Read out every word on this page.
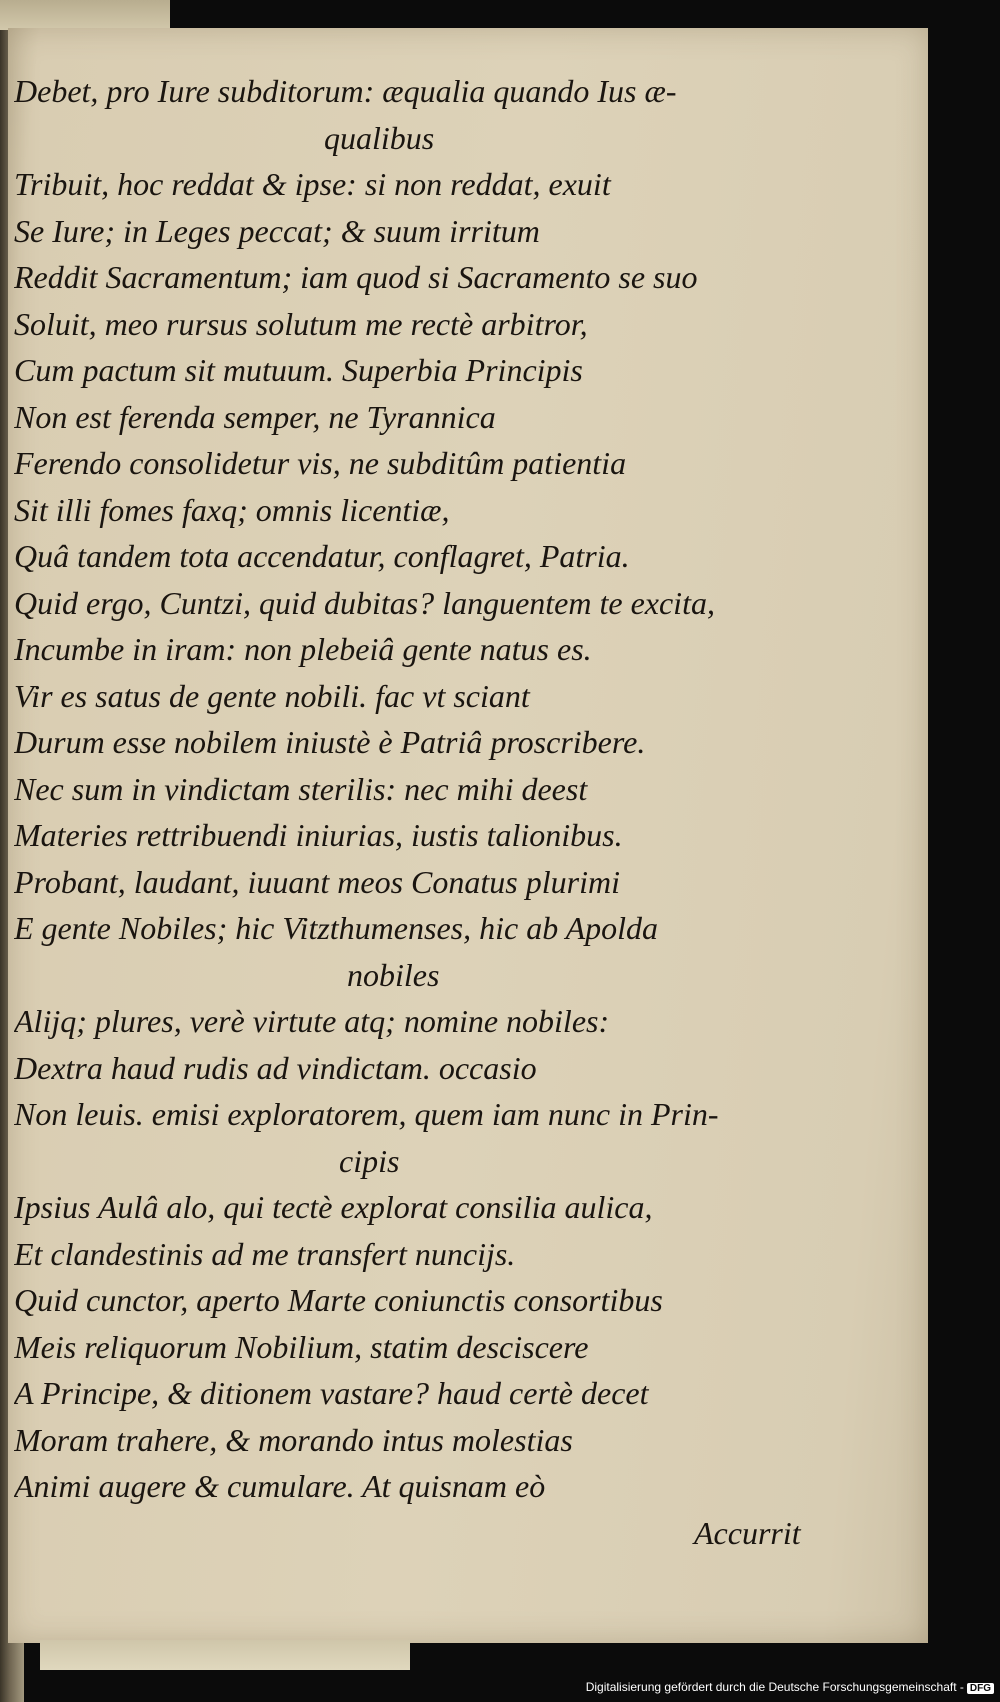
Debet, pro Iure subditorum: æqualia quando Ius æ-
qualibus
Tribuit, hoc reddat & ipse: si non reddat, exuit
Se Iure; in Leges peccat; & suum irritum
Reddit Sacramentum; iam quod si Sacramento se suo
Soluit, meo rursus solutum me rectè arbitror,
Cum pactum sit mutuum. Superbia Principis
Non est ferenda semper, ne Tyrannica
Ferendo consolidetur vis, ne subditûm patientia
Sit illi fomes faxq; omnis licentiæ,
Quâ tandem tota accendatur, conflagret, Patria.
Quid ergo, Cuntzi, quid dubitas? languentem te excita,
Incumbe in iram: non plebeiâ gente natus es.
Vir es satus de gente nobili. fac vt sciant
Durum esse nobilem iniustè è Patriâ proscribere.
Nec sum in vindictam sterilis: nec mihi deest
Materies rettribuendi iniurias, iustis talionibus.
Probant, laudant, iuuant meos Conatus plurimi
E gente Nobiles; hic Vitzthumenses, hic ab Apolda
nobiles
Alijq; plures, verè virtute atq; nomine nobiles:
Dextra haud rudis ad vindictam. occasio
Non leuis. emisi exploratorem, quem iam nunc in Prin-
cipis
Ipsius Aulâ alo, qui tectè explorat consilia aulica,
Et clandestinis ad me transfert nuncijs.
Quid cunctor, aperto Marte coniunctis consortibus
Meis reliquorum Nobilium, statim desciscere
A Principe, & ditionem vastare? haud certè decet
Moram trahere, & morando intus molestias
Animi augere & cumulare. At quisnam eò
Accurrit
Digitalisierung gefördert durch die Deutsche Forschungsgemeinschaft - DFG
